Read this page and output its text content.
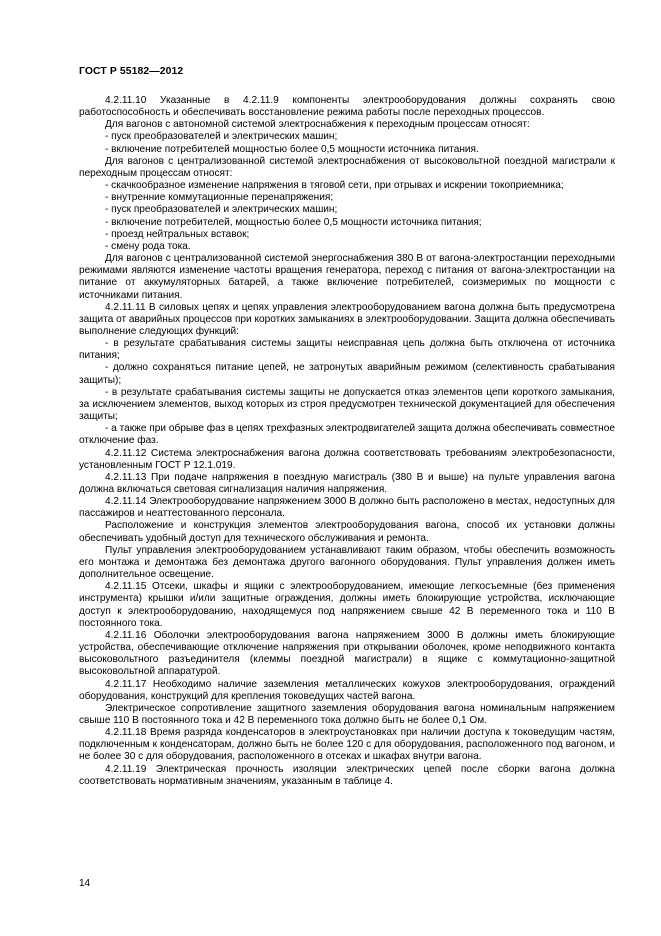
ГОСТ Р 55182—2012

4.2.11.10 Указанные в 4.2.11.9 компоненты электрооборудования должны сохранять свою работоспособность и обеспечивать восстановление режима работы после переходных процессов.

Для вагонов с автономной системой электроснабжения к переходным процессам относят:

- пуск преобразователей и электрических машин;

- включение потребителей мощностью более 0,5 мощности источника питания.

Для вагонов с централизованной системой электроснабжения от высоковольтной поездной магистрали к переходным процессам относят:

- скачкообразное изменение напряжения в тяговой сети, при отрывах и искрении токоприемника;

- внутренние коммутационные перенапряжения;

- пуск преобразователей и электрических машин;

- включение потребителей, мощностью более 0,5 мощности источника питания;

- проезд нейтральных вставок;

- смену рода тока.

Для вагонов с централизованной системой энергоснабжения 380 В от вагона-электростанции переходными режимами являются изменение частоты вращения генератора, переход с питания от вагона-электростанции на питание от аккумуляторных батарей, а также включение потребителей, соизмеримых по мощности с источниками питания.

4.2.11.11 В силовых цепях и цепях управления электрооборудованием вагона должна быть предусмотрена защита от аварийных процессов при коротких замыканиях в электрооборудовании. Защита должна обеспечивать выполнение следующих функций:

- в результате срабатывания системы защиты неисправная цепь должна быть отключена от источника питания;

- должно сохраняться питание цепей, не затронутых аварийным режимом (селективность срабатывания защиты);

- в результате срабатывания системы защиты не допускается отказ элементов цепи короткого замыкания, за исключением элементов, выход которых из строя предусмотрен технической документацией для обеспечения защиты;

- а также при обрыве фаз в цепях трехфазных электродвигателей защита должна обеспечивать совместное отключение фаз.

4.2.11.12 Система электроснабжения вагона должна соответствовать требованиям электробезопасности, установленным ГОСТ Р 12.1.019.

4.2.11.13 При подаче напряжения в поездную магистраль (380 В и выше) на пульте управления вагона должна включаться световая сигнализация наличия напряжения.

4.2.11.14 Электрооборудование напряжением 3000 В должно быть расположено в местах, недоступных для пассажиров и неаттестованного персонала.

Расположение и конструкция элементов электрооборудования вагона, способ их установки должны обеспечивать удобный доступ для технического обслуживания и ремонта.

Пульт управления электрооборудованием устанавливают таким образом, чтобы обеспечить возможность его монтажа и демонтажа без демонтажа другого вагонного оборудования. Пульт управления должен иметь дополнительное освещение.

4.2.11.15 Отсеки, шкафы и ящики с электрооборудованием, имеющие легкосъемные (без применения инструмента) крышки и/или защитные ограждения, должны иметь блокирующие устройства, исключающие доступ к электрооборудованию, находящемуся под напряжением свыше 42 В переменного тока и 110 В постоянного тока.

4.2.11.16 Оболочки электрооборудования вагона напряжением 3000 В должны иметь блокирующие устройства, обеспечивающие отключение напряжения при открывании оболочек, кроме неподвижного контакта высоковольтного разъединителя (клеммы поездной магистрали) в ящике с коммутационно-защитной высоковольтной аппаратурой.

4.2.11.17 Необходимо наличие заземления металлических кожухов электрооборудования, ограждений оборудования, конструкций для крепления токоведущих частей вагона.

Электрическое сопротивление защитного заземления оборудования вагона номинальным напряжением свыше 110 В постоянного тока и 42 В переменного тока должно быть не более 0,1 Ом.

4.2.11.18 Время разряда конденсаторов в электроустановках при наличии доступа к токоведущим частям, подключенным к конденсаторам, должно быть не более 120 с для оборудования, расположенного под вагоном, и не более 30 с для оборудования, расположенного в отсеках и шкафах внутри вагона.

4.2.11.19 Электрическая прочность изоляции электрических цепей после сборки вагона должна соответствовать нормативным значениям, указанным в таблице 4.

14
